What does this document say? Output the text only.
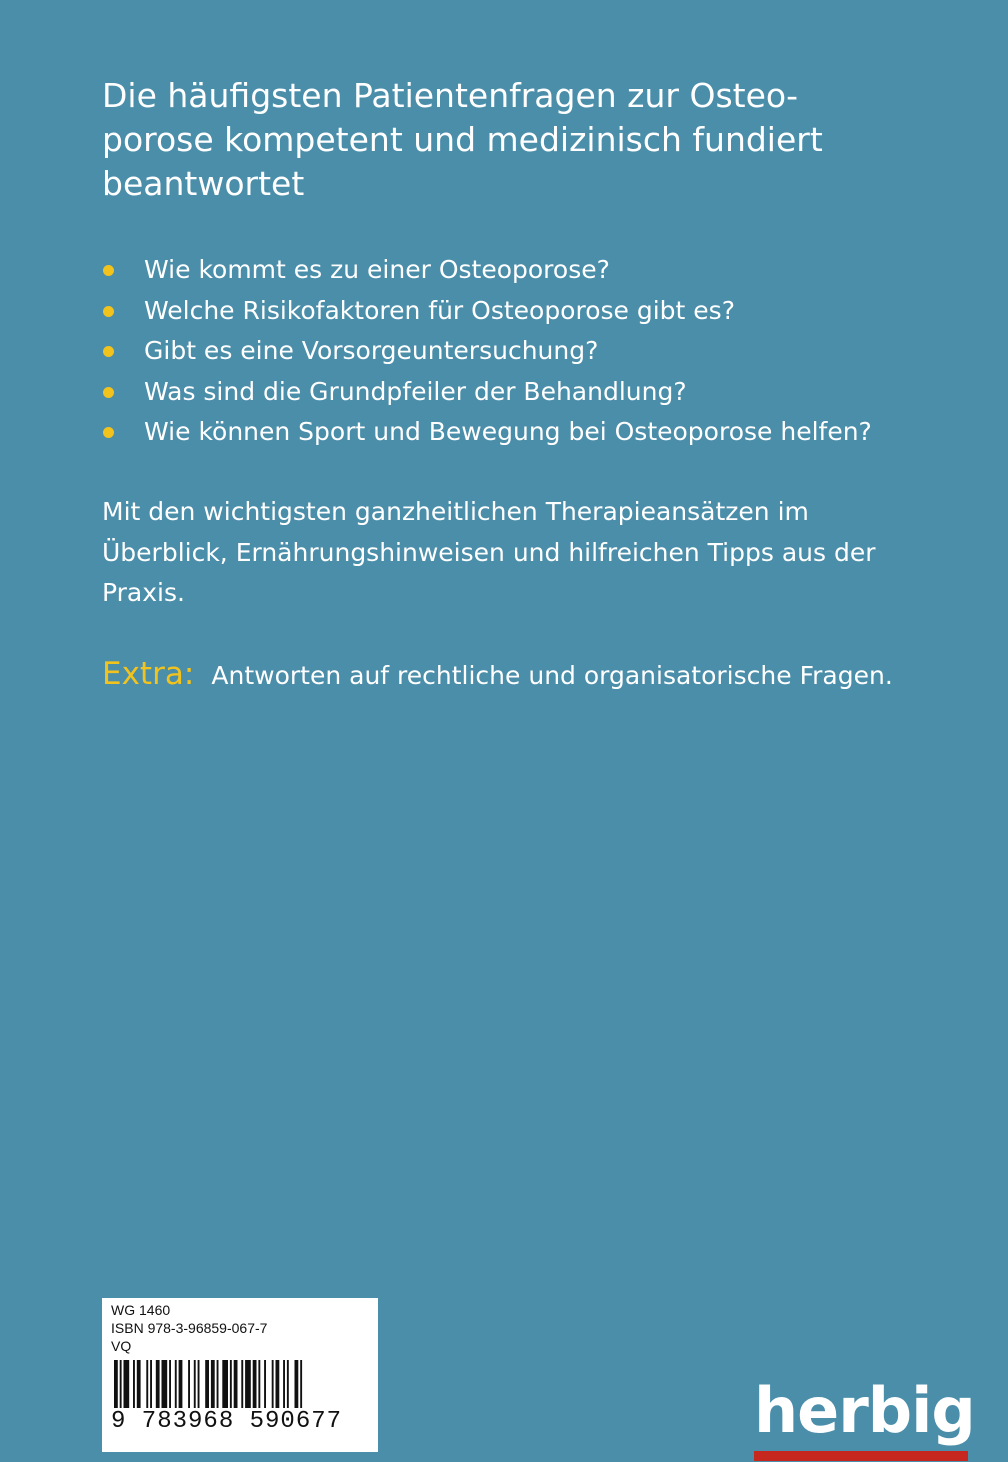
Die häufigsten Patientenfragen zur Osteoporose kompetent und medizinisch fundiert beantwortet
Wie kommt es zu einer Osteoporose?
Welche Risikofaktoren für Osteoporose gibt es?
Gibt es eine Vorsorgeuntersuchung?
Was sind die Grundpfeiler der Behandlung?
Wie können Sport und Bewegung bei Osteoporose helfen?

Mit den wichtigsten ganzheitlichen Therapieansätzen im Überblick, Ernährungshinweisen und hilfreichen Tipps aus der Praxis.

Extra: Antworten auf rechtliche und organisatorische Fragen.
WG 1460
ISBN 978-3-96859-067-7
VQ
9 783968 590677	herbig
